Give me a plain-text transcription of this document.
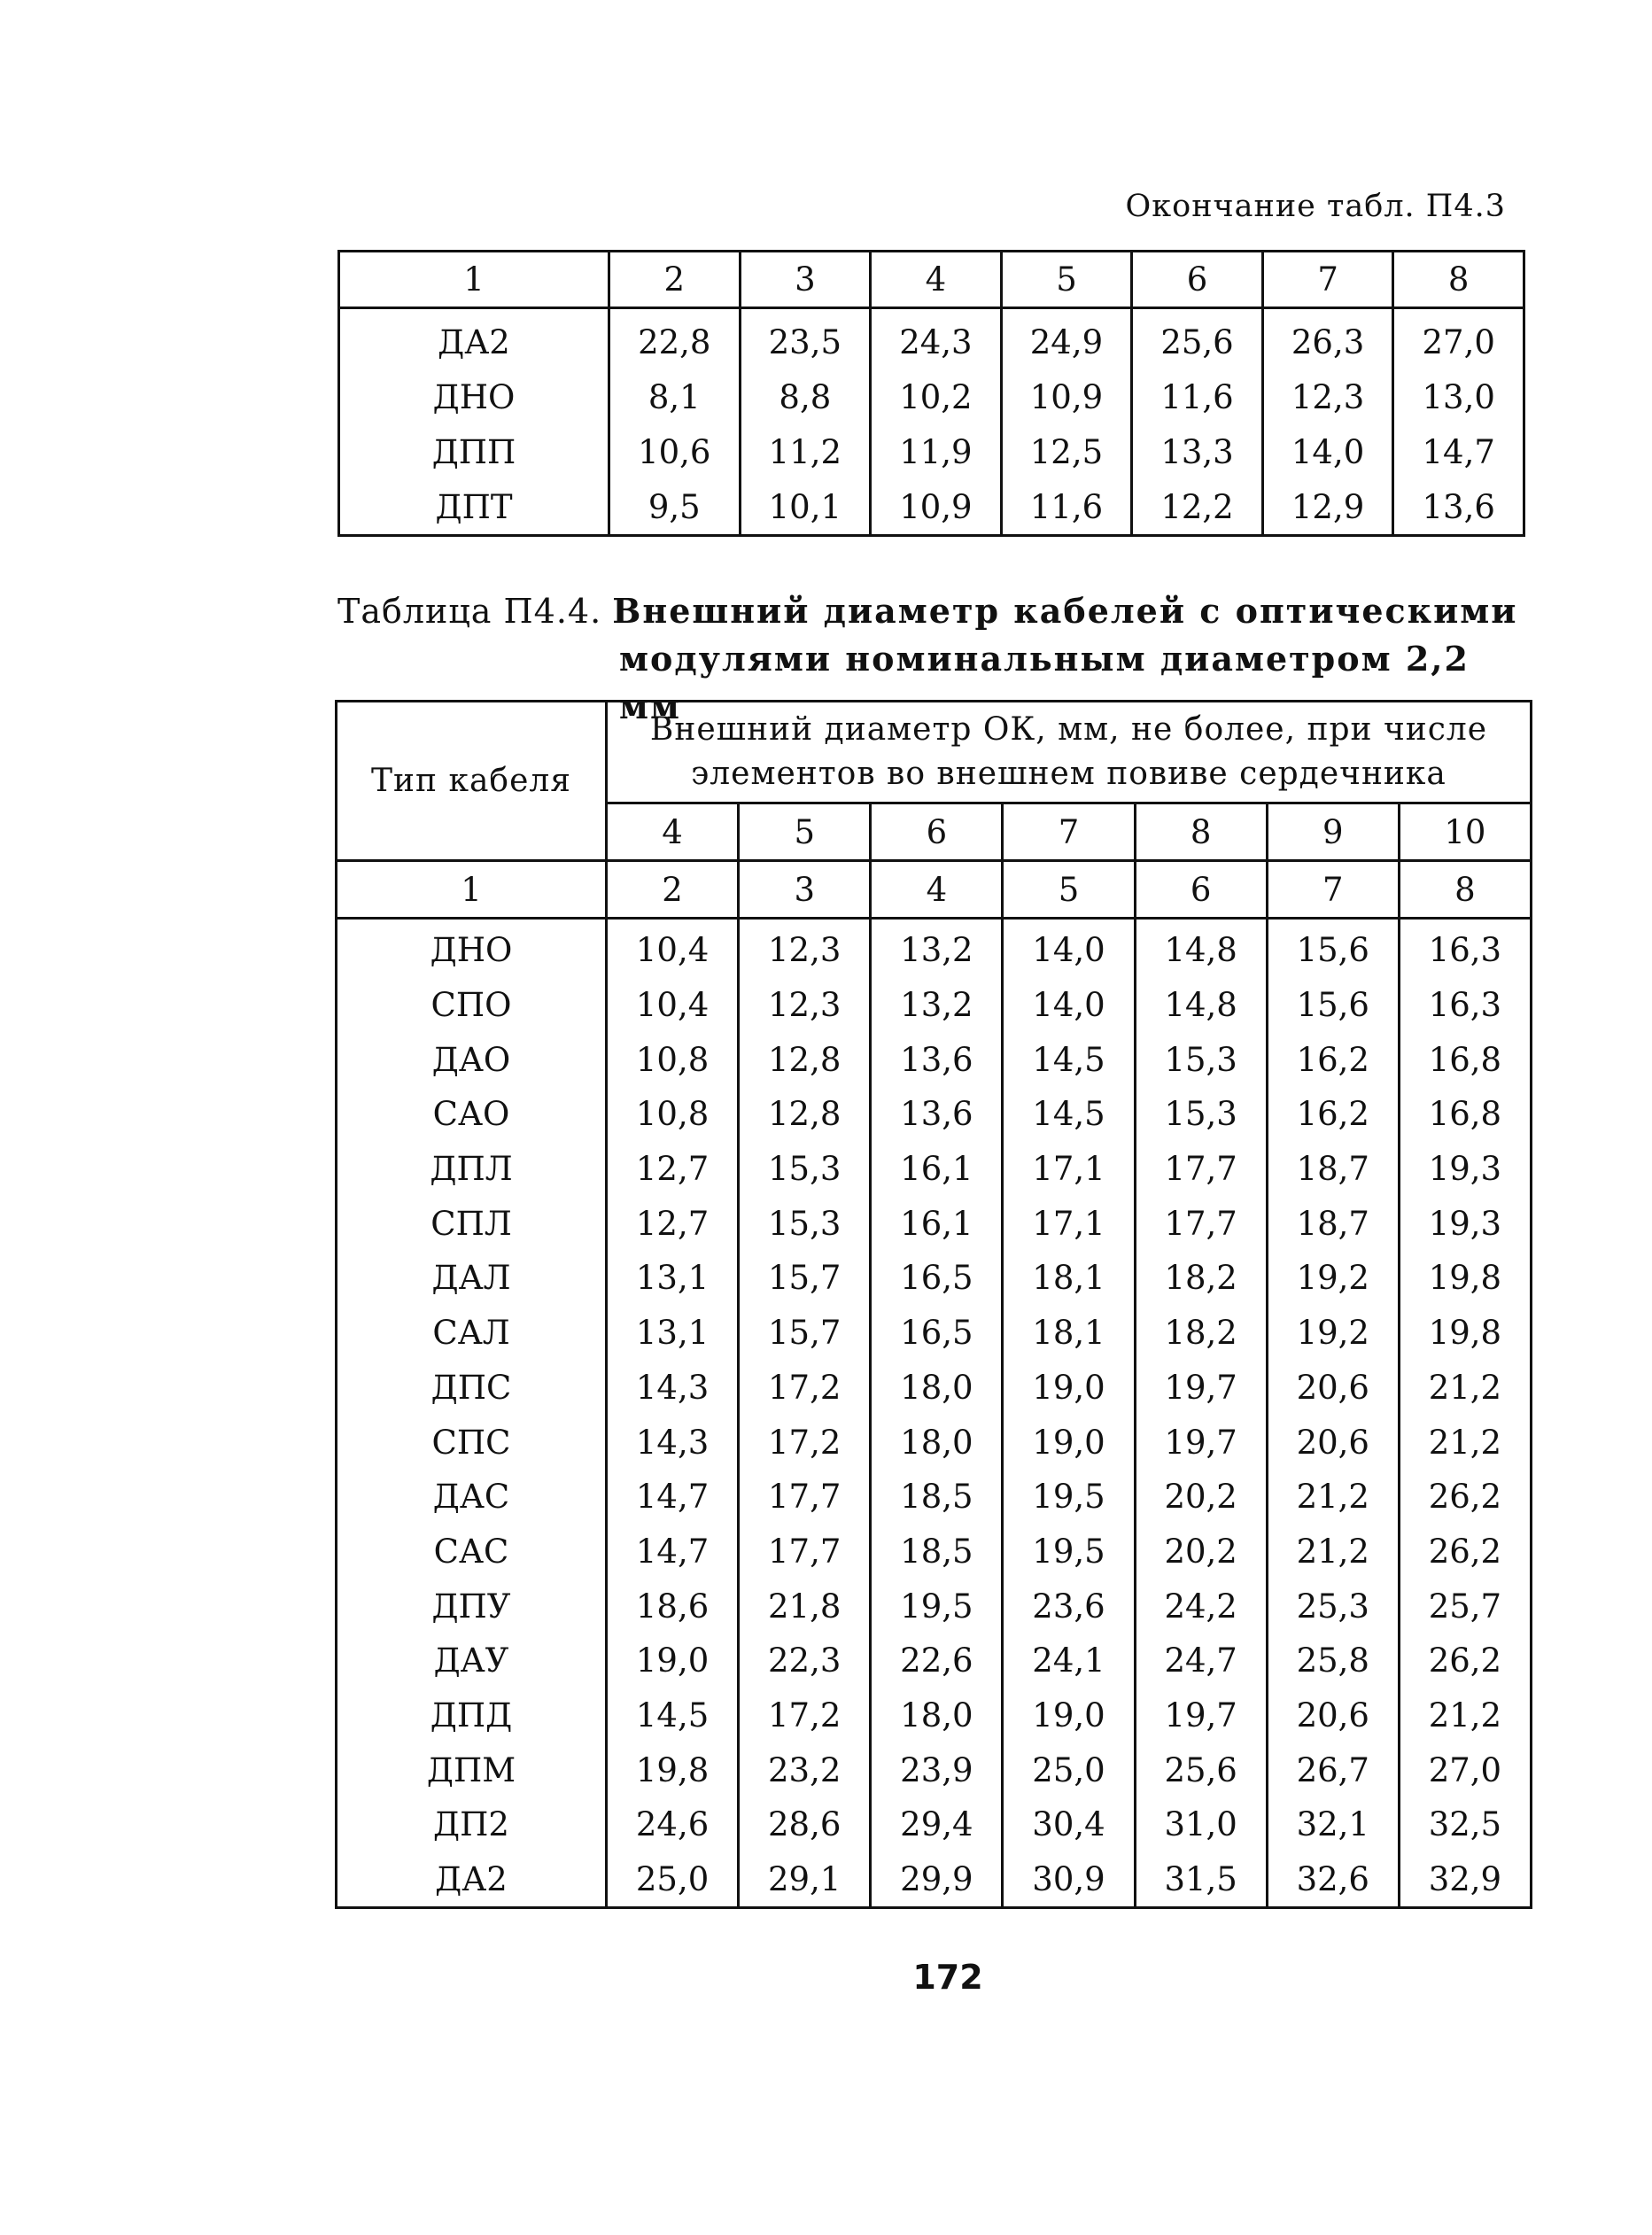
Окончание табл. П4.3
1	2	3	4	5	6	7	8
ДА2	22,8	23,5	24,3	24,9	25,6	26,3	27,0
ДНО	8,1	8,8	10,2	10,9	11,6	12,3	13,0
ДПП	10,6	11,2	11,9	12,5	13,3	14,0	14,7
ДПТ	9,5	10,1	10,9	11,6	12,2	12,9	13,6
Таблица П4.4. Внешний диаметр кабелей с оптическими
модулями номинальным диаметром 2,2 мм
Тип кабеля	Внешний диаметр ОК, мм, не более, при числе элементов во внешнем повиве сердечника						
	4	5	6	7	8	9	10
1	2	3	4	5	6	7	8
ДНО	10,4	12,3	13,2	14,0	14,8	15,6	16,3
СПО	10,4	12,3	13,2	14,0	14,8	15,6	16,3
ДАО	10,8	12,8	13,6	14,5	15,3	16,2	16,8
САО	10,8	12,8	13,6	14,5	15,3	16,2	16,8
ДПЛ	12,7	15,3	16,1	17,1	17,7	18,7	19,3
СПЛ	12,7	15,3	16,1	17,1	17,7	18,7	19,3
ДАЛ	13,1	15,7	16,5	18,1	18,2	19,2	19,8
САЛ	13,1	15,7	16,5	18,1	18,2	19,2	19,8
ДПС	14,3	17,2	18,0	19,0	19,7	20,6	21,2
СПС	14,3	17,2	18,0	19,0	19,7	20,6	21,2
ДАС	14,7	17,7	18,5	19,5	20,2	21,2	26,2
САС	14,7	17,7	18,5	19,5	20,2	21,2	26,2
ДПУ	18,6	21,8	19,5	23,6	24,2	25,3	25,7
ДАУ	19,0	22,3	22,6	24,1	24,7	25,8	26,2
ДПД	14,5	17,2	18,0	19,0	19,7	20,6	21,2
ДПМ	19,8	23,2	23,9	25,0	25,6	26,7	27,0
ДП2	24,6	28,6	29,4	30,4	31,0	32,1	32,5
ДА2	25,0	29,1	29,9	30,9	31,5	32,6	32,9
172
